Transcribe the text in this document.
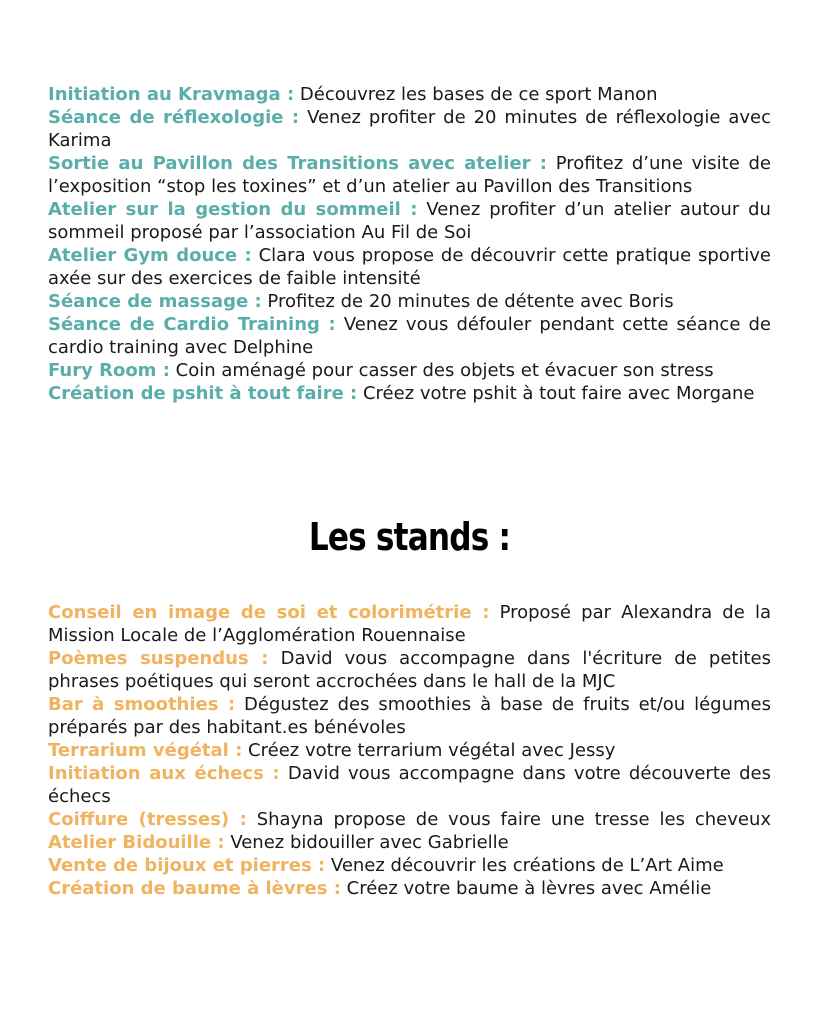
Initiation au Kravmaga : Découvrez les bases de ce sport Manon

Séance de réflexologie : Venez profiter de 20 minutes de réflexologie avec Karima

Sortie au Pavillon des Transitions avec atelier : Profitez d’une visite de l’exposition “stop les toxines” et d’un atelier au Pavillon des Transitions

Atelier sur la gestion du sommeil : Venez profiter d’un atelier autour du sommeil proposé par l’association Au Fil de Soi

Atelier Gym douce : Clara vous propose de découvrir cette pratique sportive axée sur des exercices de faible intensité

Séance de massage : Profitez de 20 minutes de détente avec Boris

Séance de Cardio Training : Venez vous défouler pendant cette séance de cardio training avec Delphine

Fury Room : Coin aménagé pour casser des objets et évacuer son stress

Création de pshit à tout faire : Créez votre pshit à tout faire avec Morgane

Les stands :

Conseil en image de soi et colorimétrie : Proposé par Alexandra de la Mission Locale de l’Agglomération Rouennaise

Poèmes suspendus : David vous accompagne dans l'écriture de petites phrases poétiques qui seront accrochées dans le hall de la MJC

Bar à smoothies : Dégustez des smoothies à base de fruits et/ou légumes préparés par des habitant.es bénévoles

Terrarium végétal : Créez votre terrarium végétal avec Jessy

Initiation aux échecs : David vous accompagne dans votre découverte des échecs

Coiffure (tresses) : Shayna propose de vous faire une tresse les cheveux Atelier Bidouille : Venez bidouiller avec Gabrielle

Vente de bijoux et pierres : Venez découvrir les créations de L’Art Aime

Création de baume à lèvres : Créez votre baume à lèvres avec Amélie
